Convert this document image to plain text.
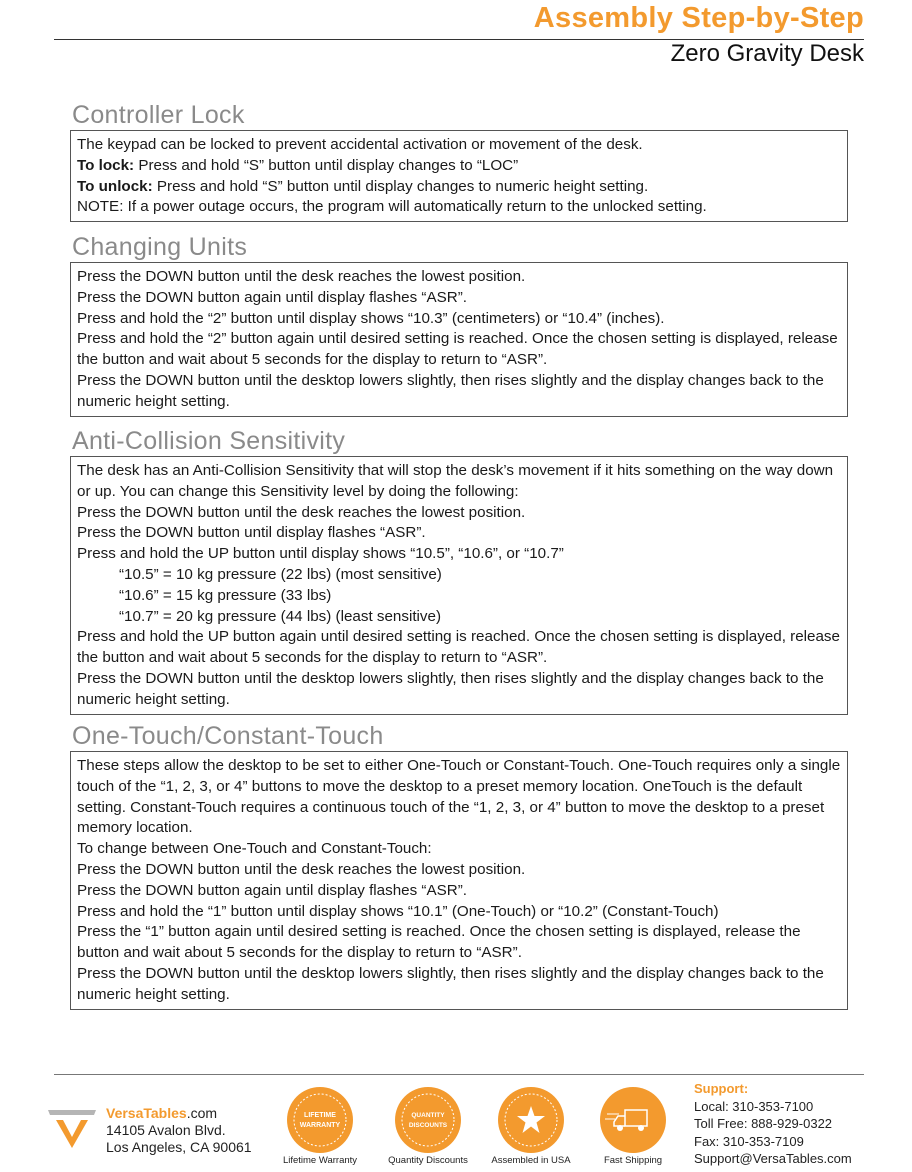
Assembly Step-by-Step
Zero Gravity Desk
Controller Lock

The keypad can be locked to prevent accidental activation or movement of the desk.

To lock: Press and hold “S” button until display changes to “LOC”

To unlock: Press and hold “S” button until display changes to numeric height setting.

NOTE: If a power outage occurs, the program will automatically return to the unlocked setting.

Changing Units

Press the DOWN button until the desk reaches the lowest position.

Press the DOWN button again until display flashes “ASR”.

Press and hold the “2” button until display shows “10.3” (centimeters) or “10.4” (inches).

Press and hold the “2” button again until desired setting is reached. Once the chosen setting is displayed, release the button and wait about 5 seconds for the display to return to “ASR”.

Press the DOWN button until the desktop lowers slightly, then rises slightly and the display changes back to the numeric height setting.

Anti-Collision Sensitivity

The desk has an Anti-Collision Sensitivity that will stop the desk’s movement if it hits something on the way down or up. You can change this Sensitivity level by doing the following:

Press the DOWN button until the desk reaches the lowest position.

Press the DOWN button until display flashes “ASR”.

Press and hold the UP button until display shows “10.5”, “10.6”, or “10.7”

“10.5” = 10 kg pressure (22 lbs) (most sensitive)

“10.6” = 15 kg pressure (33 lbs)

“10.7” = 20 kg pressure (44 lbs) (least sensitive)

Press and hold the UP button again until desired setting is reached. Once the chosen setting is displayed, release the button and wait about 5 seconds for the display to return to “ASR”.

Press the DOWN button until the desktop lowers slightly, then rises slightly and the display changes back to the numeric height setting.

One-Touch/Constant-Touch

These steps allow the desktop to be set to either One-Touch or Constant-Touch. One-Touch requires only a single touch of the “1, 2, 3, or 4” buttons to move the desktop to a preset memory location. OneTouch is the default setting. Constant-Touch requires a continuous touch of the “1, 2, 3, or 4” button to move the desktop to a preset memory location.

To change between One-Touch and Constant-Touch:

Press the DOWN button until the desk reaches the lowest position.

Press the DOWN button again until display flashes “ASR”.

Press and hold the “1” button until display shows “10.1” (One-Touch) or “10.2” (Constant-Touch)

Press the “1” button again until desired setting is reached. Once the chosen setting is displayed, release the button and wait about 5 seconds for the display to return to “ASR”.

Press the DOWN button until the desktop lowers slightly, then rises slightly and the display changes back to the numeric height setting.

VersaTables.com
14105 Avalon Blvd.
Los Angeles, CA 90061
LIFETIME
WARRANTY
Lifetime Warranty
QUANTITY
DISCOUNTS
Quantity Discounts	Assembled in USA	Fast Shipping
Support:
Local: 310-353-7100
Toll Free: 888-929-0322
Fax: 310-353-7109
Support@VersaTables.com
